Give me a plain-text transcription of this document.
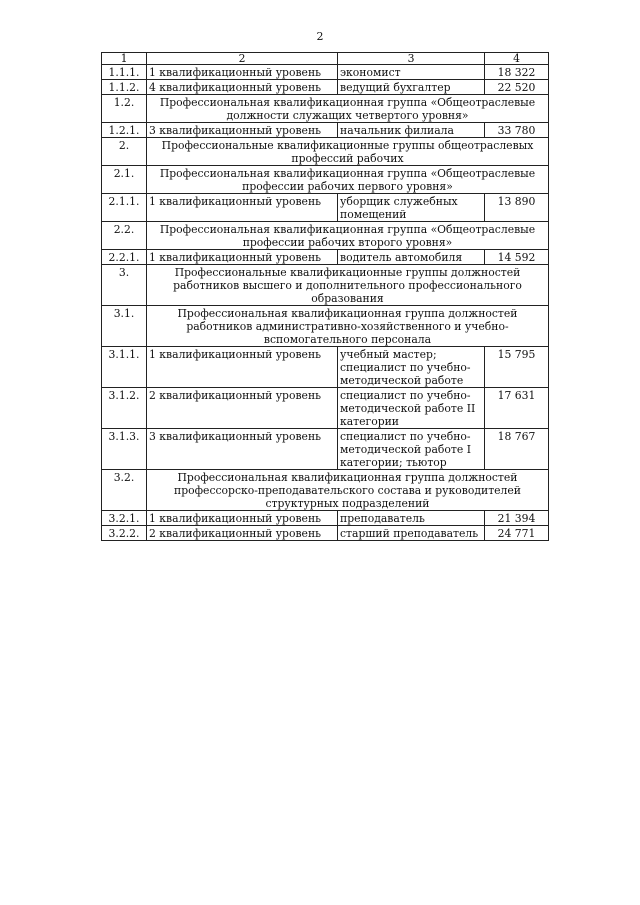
2
1	2	3	4
1.1.1.	1 квалификационный уровень	экономист	18 322
1.1.2.	4 квалификационный уровень	ведущий бухгалтер	22 520
1.2.	Профессиональная квалификационная группа «Общеотраслевые должности служащих четвертого уровня»		
1.2.1.	3 квалификационный уровень	начальник филиала	33 780
2.	Профессиональные квалификационные группы общеотраслевых профессий рабочих		
2.1.	Профессиональная квалификационная группа «Общеотраслевые профессии рабочих первого уровня»		
2.1.1.	1 квалификационный уровень	уборщик служебных помещений	13 890
2.2.	Профессиональная квалификационная группа «Общеотраслевые профессии рабочих второго уровня»		
2.2.1.	1 квалификационный уровень	водитель автомобиля	14 592
3.	Профессиональные квалификационные группы должностей работников высшего и дополнительного профессионального образования		
3.1.	Профессиональная квалификационная группа должностей работников административно-хозяйственного и учебно-вспомогательного персонала		
3.1.1.	1 квалификационный уровень	учебный мастер; специалист по учебно-методической работе	15 795
3.1.2.	2 квалификационный уровень	специалист по учебно-методической работе II категории	17 631
3.1.3.	3 квалификационный уровень	специалист по учебно-методической работе I категории; тьютор	18 767
3.2.	Профессиональная квалификационная группа должностей профессорско-преподавательского состава и руководителей структурных подразделений		
3.2.1.	1 квалификационный уровень	преподаватель	21 394
3.2.2.	2 квалификационный уровень	старший преподаватель	24 771
